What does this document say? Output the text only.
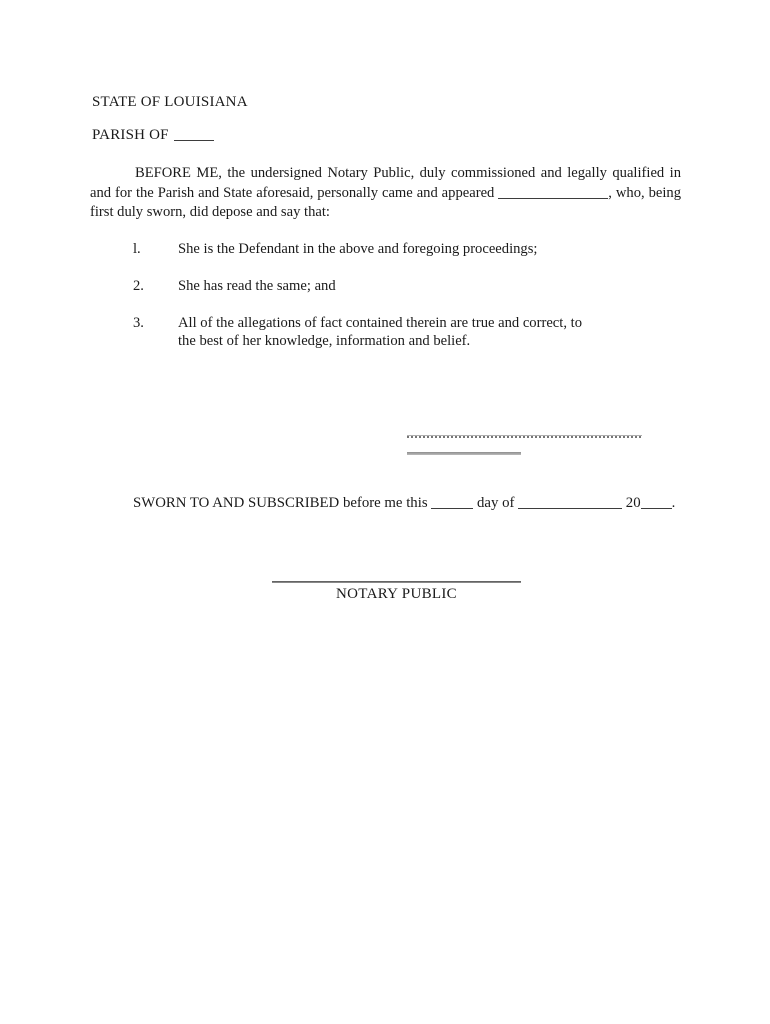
STATE OF LOUISIANA
PARISH OF
BEFORE ME, the undersigned Notary Public, duly commissioned and legally qualified in
and for the Parish and State aforesaid, personally came and appeared	, who, being
first duly sworn, did depose and say that:
l.	She is the Defendant in the above and foregoing proceedings;
2.	She has read the same; and
3.	All of the allegations of fact contained therein are true and correct, to
the best of her knowledge, information and belief.
SWORN TO AND SUBSCRIBED before me this	day of	20 .
NOTARY PUBLIC
